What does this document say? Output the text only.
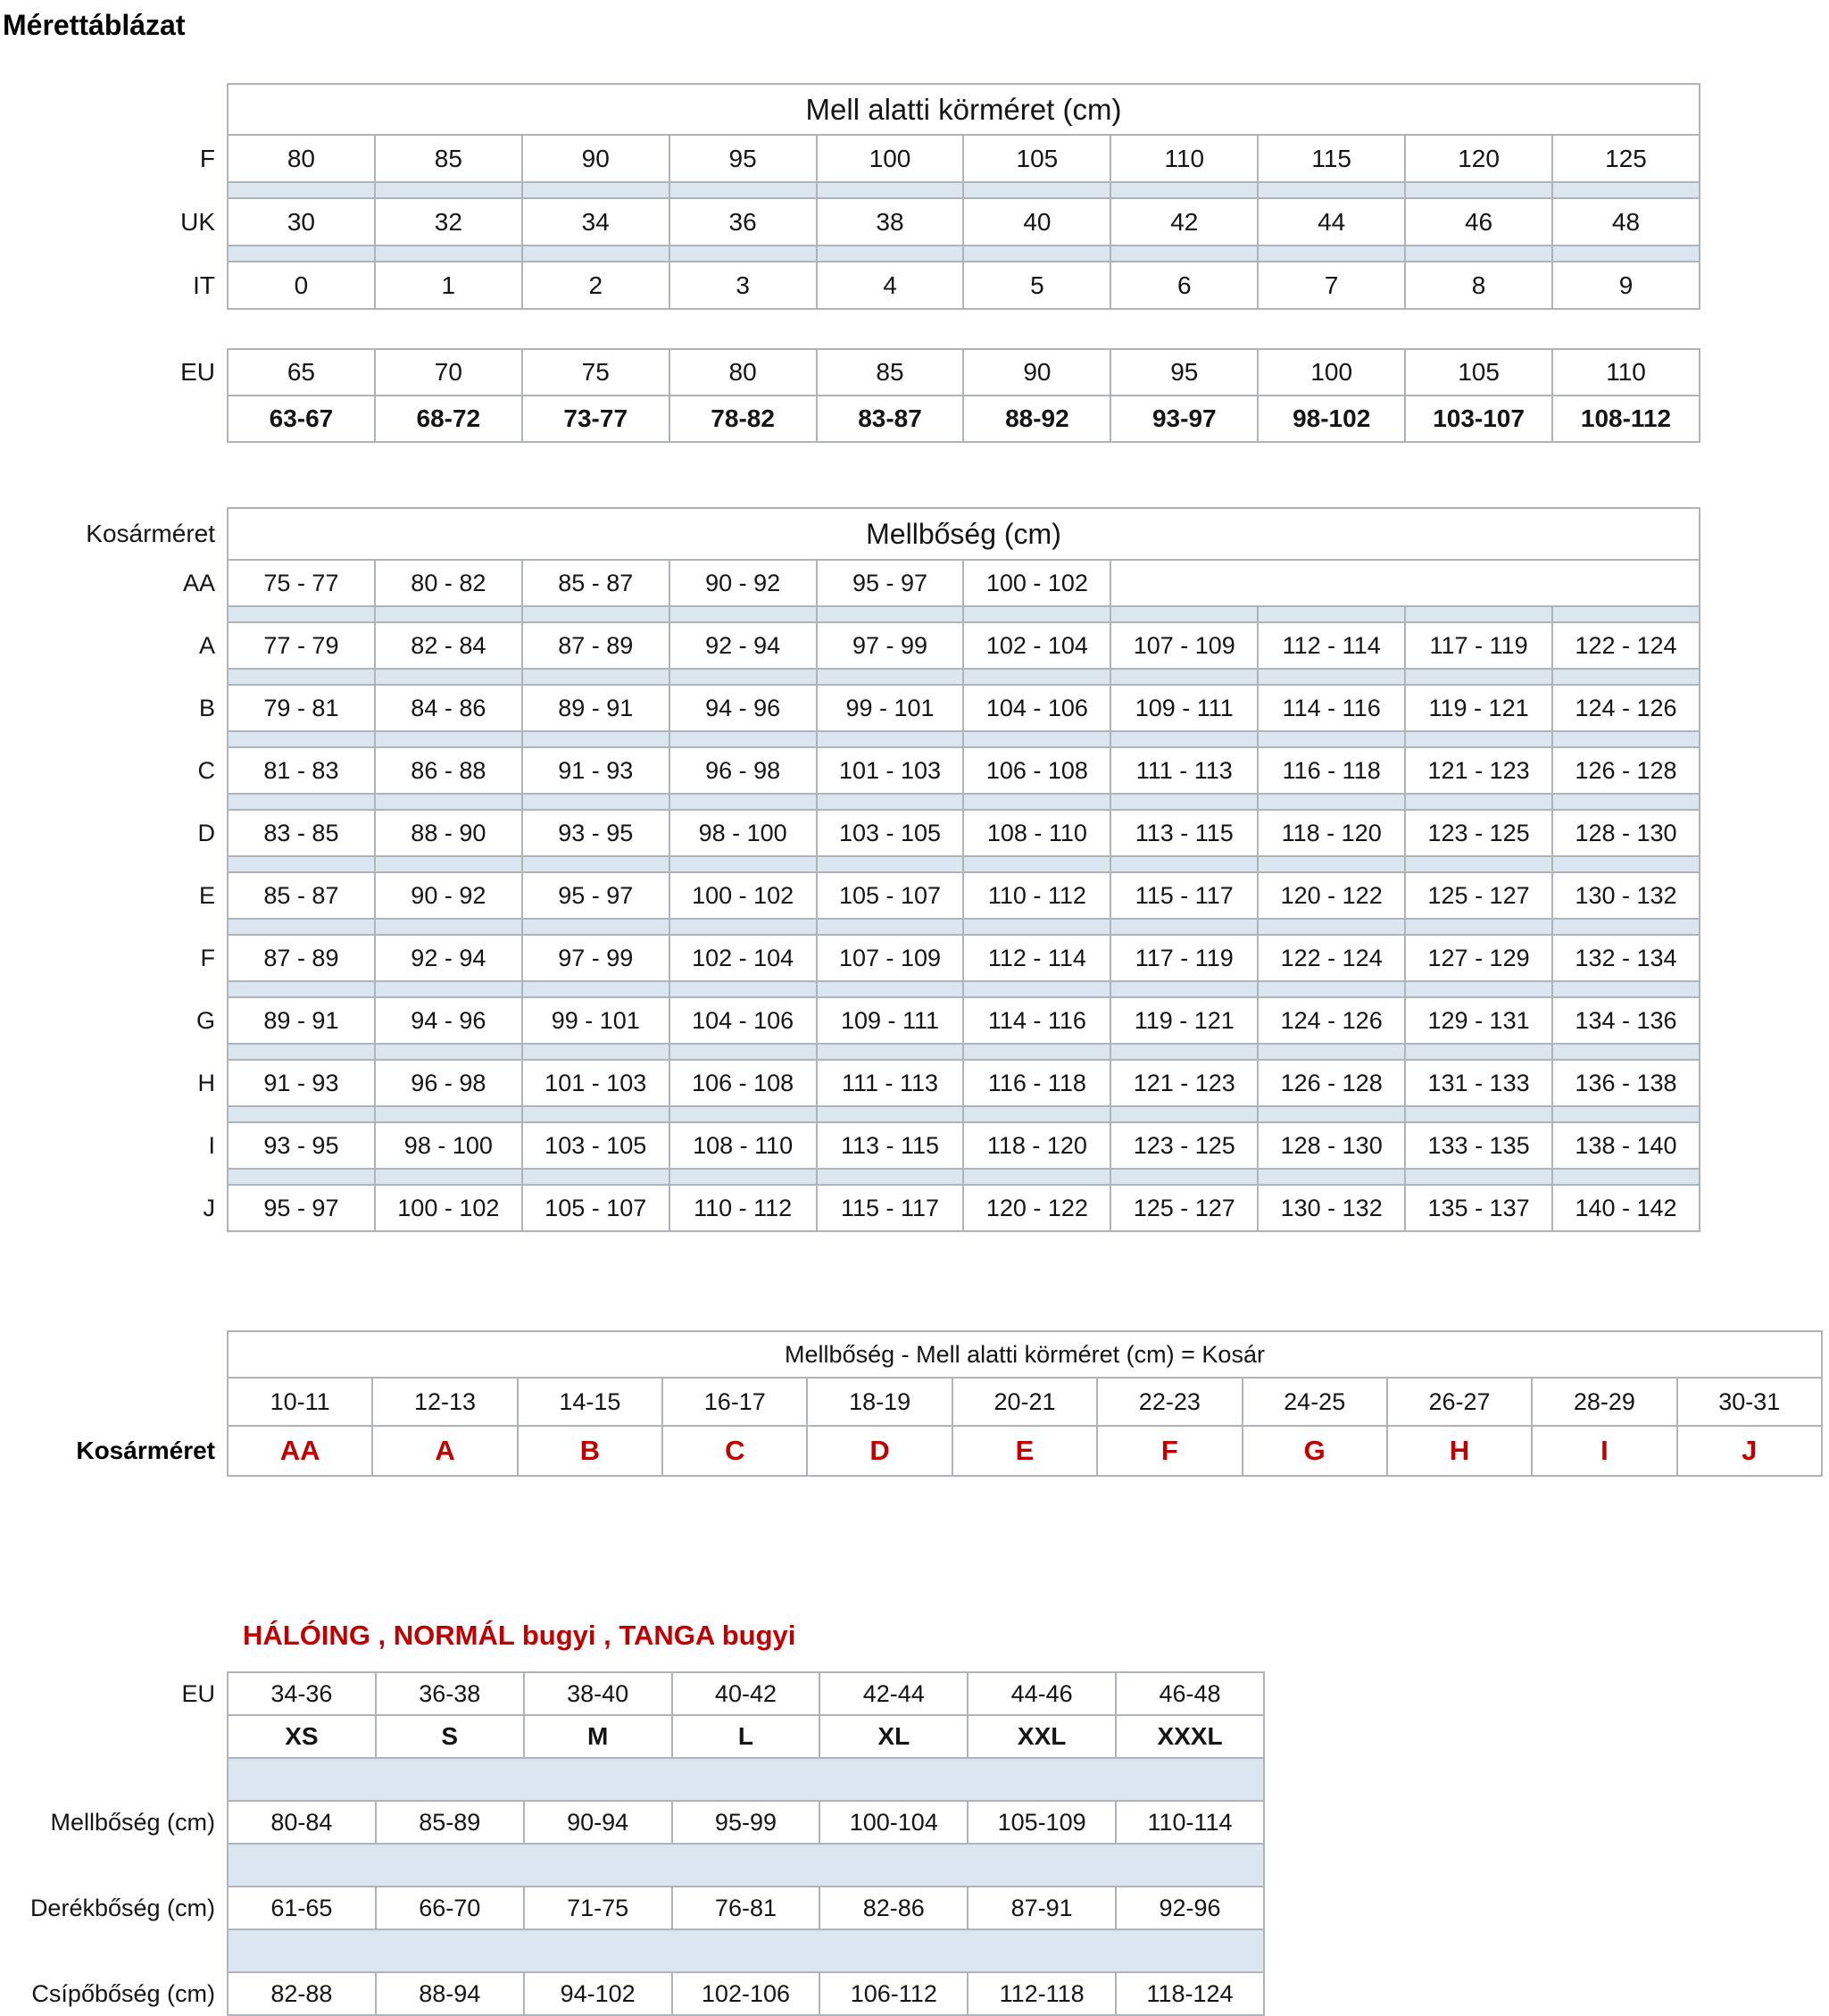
Mérettáblázat
	Mell alatti körméret (cm)									
F	80	85	90	95	100	105	110	115	120	125

UK	30	32	34	36	38	40	42	44	46	48

IT	0	1	2	3	4	5	6	7	8	9
EU	65	70	75	80	85	90	95	100	105	110
	63-67	68-72	73-77	78-82	83-87	88-92	93-97	98-102	103-107	108-112
Kosárméret	Mellbőség (cm)									
AA	75 - 77	80 - 82	85 - 87	90 - 92	95 - 97	100 - 102				

A	77 - 79	82 - 84	87 - 89	92 - 94	97 - 99	102 - 104	107 - 109	112 - 114	117 - 119	122 - 124

B	79 - 81	84 - 86	89 - 91	94 - 96	99 - 101	104 - 106	109 - 111	114 - 116	119 - 121	124 - 126

C	81 - 83	86 - 88	91 - 93	96 - 98	101 - 103	106 - 108	111 - 113	116 - 118	121 - 123	126 - 128

D	83 - 85	88 - 90	93 - 95	98 - 100	103 - 105	108 - 110	113 - 115	118 - 120	123 - 125	128 - 130

E	85 - 87	90 - 92	95 - 97	100 - 102	105 - 107	110 - 112	115 - 117	120 - 122	125 - 127	130 - 132

F	87 - 89	92 - 94	97 - 99	102 - 104	107 - 109	112 - 114	117 - 119	122 - 124	127 - 129	132 - 134

G	89 - 91	94 - 96	99 - 101	104 - 106	109 - 111	114 - 116	119 - 121	124 - 126	129 - 131	134 - 136

H	91 - 93	96 - 98	101 - 103	106 - 108	111 - 113	116 - 118	121 - 123	126 - 128	131 - 133	136 - 138

I	93 - 95	98 - 100	103 - 105	108 - 110	113 - 115	118 - 120	123 - 125	128 - 130	133 - 135	138 - 140

J	95 - 97	100 - 102	105 - 107	110 - 112	115 - 117	120 - 122	125 - 127	130 - 132	135 - 137	140 - 142
	Mellbőség - Mell alatti körméret (cm) = Kosár										
	10-11	12-13	14-15	16-17	18-19	20-21	22-23	24-25	26-27	28-29	30-31
Kosárméret	AA	A	B	C	D	E	F	G	H	I	J
HÁLÓING , NORMÁL bugyi , TANGA bugyi
EU	34-36	36-38	38-40	40-42	42-44	44-46	46-48
	XS	S	M	L	XL	XXL	XXXL

Mellbőség (cm)	80-84	85-89	90-94	95-99	100-104	105-109	110-114

Derékbőség (cm)	61-65	66-70	71-75	76-81	82-86	87-91	92-96

Csípőbőség (cm)	82-88	88-94	94-102	102-106	106-112	112-118	118-124
